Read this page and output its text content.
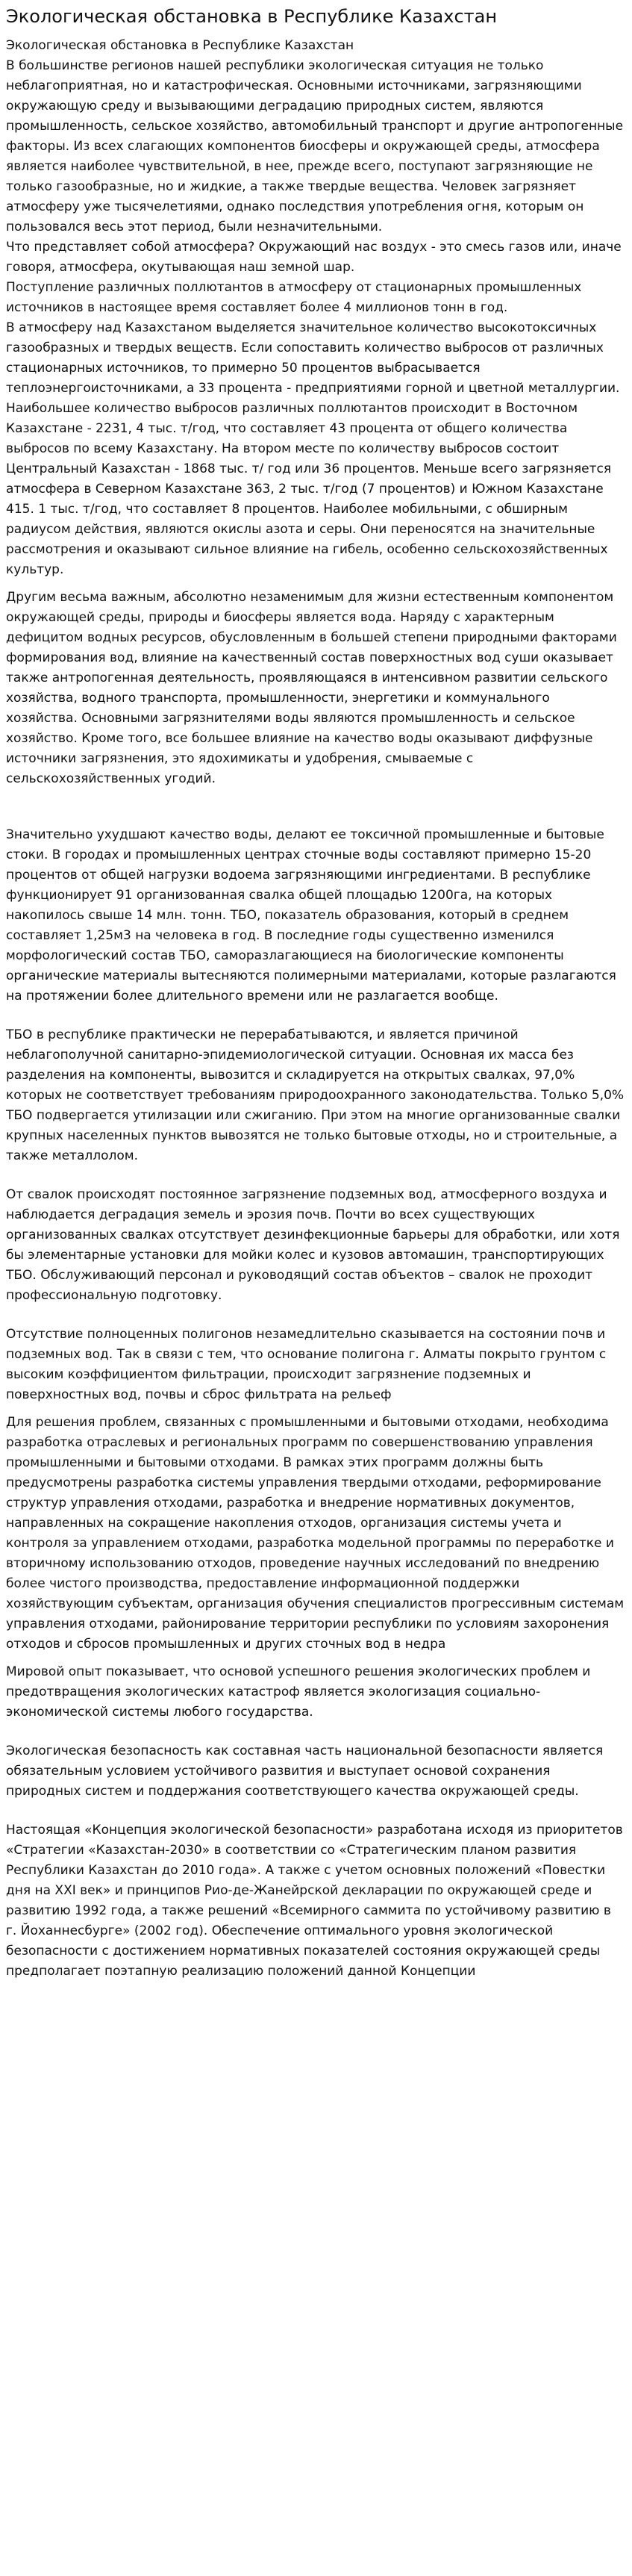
Экологическая обстановка в Республике Казахстан

Экологическая обстановка в Республике Казахстан
В большинстве регионов нашей республики экологическая ситуация не только неблагоприятная, но и катастрофическая. Основными источниками, загрязняющими окружающую среду и вызывающими деградацию природных систем, являются промышленность, сельское хозяйство, автомобильный транспорт и другие антропогенные факторы. Из всех слагающих компонентов биосферы и окружающей среды, атмосфера является наиболее чувствительной, в нее, прежде всего, поступают загрязняющие не только газообразные, но и жидкие, а также твердые вещества. Человек загрязняет атмосферу уже тысячелетиями, однако последствия употребления огня, которым он пользовался весь этот период, были незначительными.
Что представляет собой атмосфера? Окружающий нас воздух - это смесь газов или, иначе говоря, атмосфера, окутывающая наш земной шар.
Поступление различных поллютантов в атмосферу от стационарных промышленных источников в настоящее время составляет более 4 миллионов тонн в год.
В атмосферу над Казахстаном выделяется значительное количество высокотоксичных газообразных и твердых веществ. Если сопоставить количество выбросов от различных стационарных источников, то примерно 50 процентов выбрасывается теплоэнергоисточниками, а 33 процента - предприятиями горной и цветной металлургии. Наибольшее количество выбросов различных поллютантов происходит в Восточном Казахстане - 2231, 4 тыс. т/год, что составляет 43 процента от общего количества выбросов по всему Казахстану. На втором месте по количеству выбросов состоит Центральный Казахстан - 1868 тыс. т/ год или 36 процентов. Меньше всего загрязняется атмосфера в Северном Казахстане 363, 2 тыс. т/год (7 процентов) и Южном Казахстане 415. 1 тыс. т/год, что составляет 8 процентов. Наиболее мобильными, с обширным радиусом действия, являются окислы азота и серы. Они переносятся на значительные рассмотрения и оказывают сильное влияние на гибель, особенно сельскохозяйственных культур.

Другим весьма важным, абсолютно незаменимым для жизни естественным компонентом окружающей среды, природы и биосферы является вода. Наряду с характерным дефицитом водных ресурсов, обусловленным в большей степени природными факторами формирования вод, влияние на качественный состав поверхностных вод суши оказывает также антропогенная деятельность, проявляющаяся в интенсивном развитии сельского хозяйства, водного транспорта, промышленности, энергетики и коммунального хозяйства. Основными загрязнителями воды являются промышленность и сельское хозяйство. Кроме того, все большее влияние на качество воды оказывают диффузные источники загрязнения, это ядохимикаты и удобрения, смываемые с сельскохозяйственных угодий.

Значительно ухудшают качество воды, делают ее токсичной промышленные и бытовые стоки. В городах и промышленных центрах сточные воды составляют примерно 15-20 процентов от общей нагрузки водоема загрязняющими ингредиентами. В республике функционирует 91 организованная свалка общей площадью 1200га, на которых накопилось свыше 14 млн. тонн. ТБО, показатель образования, который в среднем составляет 1,25м3 на человека в год. В последние годы существенно изменился морфологический состав ТБО, саморазлагающиеся на биологические компоненты органические материалы вытесняются полимерными материалами, которые разлагаются на протяжении более длительного времени или не разлагается вообще.

ТБО в республике практически не перерабатываются, и является причиной неблагополучной санитарно-эпидемиологической ситуации. Основная их масса без разделения на компоненты, вывозится и складируется на открытых свалках, 97,0% которых не соответствует требованиям природоохранного законодательства. Только 5,0% ТБО подвергается утилизации или сжиганию. При этом на многие организованные свалки крупных населенных пунктов вывозятся не только бытовые отходы, но и строительные, а также металлолом.

От свалок происходят постоянное загрязнение подземных вод, атмосферного воздуха и наблюдается деградация земель и эрозия почв. Почти во всех существующих организованных свалках отсутствует дезинфекционные барьеры для обработки, или хотя бы элементарные установки для мойки колес и кузовов автомашин, транспортирующих ТБО. Обслуживающий персонал и руководящий состав объектов – свалок не проходит профессиональную подготовку.

Отсутствие полноценных полигонов незамедлительно сказывается на состоянии почв и подземных вод. Так в связи с тем, что основание полигона г. Алматы покрыто грунтом с высоким коэффициентом фильтрации, происходит загрязнение подземных и поверхностных вод, почвы и сброс фильтрата на рельеф

Для решения проблем, связанных с промышленными и бытовыми отходами, необходима разработка отраслевых и региональных программ по совершенствованию управления промышленными и бытовыми отходами. В рамках этих программ должны быть предусмотрены разработка системы управления твердыми отходами, реформирование структур управления отходами, разработка и внедрение нормативных документов, направленных на сокращение накопления отходов, организация системы учета и контроля за управлением отходами, разработка модельной программы по переработке и вторичному использованию отходов, проведение научных исследований по внедрению более чистого производства, предоставление информационной поддержки хозяйствующим субъектам, организация обучения специалистов прогрессивным системам управления отходами, районирование территории республики по условиям захоронения отходов и сбросов промышленных и других сточных вод в недра

Мировой опыт показывает, что основой успешного решения экологических проблем и предотвращения экологических катастроф является экологизация социально-экономической системы любого государства.

Экологическая безопасность как составная часть национальной безопасности является обязательным условием устойчивого развития и выступает основой сохранения природных систем и поддержания соответствующего качества окружающей среды.

Настоящая «Концепция экологической безопасности» разработана исходя из приоритетов «Стратегии «Казахстан-2030» в соответствии со «Стратегическим планом развития Республики Казахстан до 2010 года». А также с учетом основных положений «Повестки дня на XXI век» и принципов Рио-де-Жанейрской декларации по окружающей среде и развитию 1992 года, а также решений «Всемирного саммита по устойчивому развитию в г. Йоханнесбурге» (2002 год). Обеспечение оптимального уровня экологической безопасности с достижением нормативных показателей состояния окружающей среды предполагает поэтапную реализацию положений данной Концепции
